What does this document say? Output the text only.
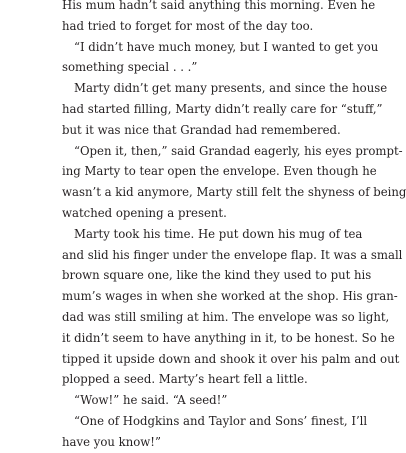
His mum hadn’t said anything this morning. Even he
had tried to forget for most of the day too.
“I didn’t have much money, but I wanted to get you
something special . . .”
Marty didn’t get many presents, and since the house
had started filling, Marty didn’t really care for “stuff,”
but it was nice that Grandad had remembered.
“Open it, then,” said Grandad eagerly, his eyes prompt-
ing Marty to tear open the envelope. Even though he
wasn’t a kid anymore, Marty still felt the shyness of being
watched opening a present.
Marty took his time. He put down his mug of tea
and slid his finger under the envelope flap. It was a small
brown square one, like the kind they used to put his
mum’s wages in when she worked at the shop. His gran-
dad was still smiling at him. The envelope was so light,
it didn’t seem to have anything in it, to be honest. So he
tipped it upside down and shook it over his palm and out
plopped a seed. Marty’s heart fell a little.
“Wow!” he said. “A seed!”
“One of Hodgkins and Taylor and Sons’ finest, I’ll
have you know!”
